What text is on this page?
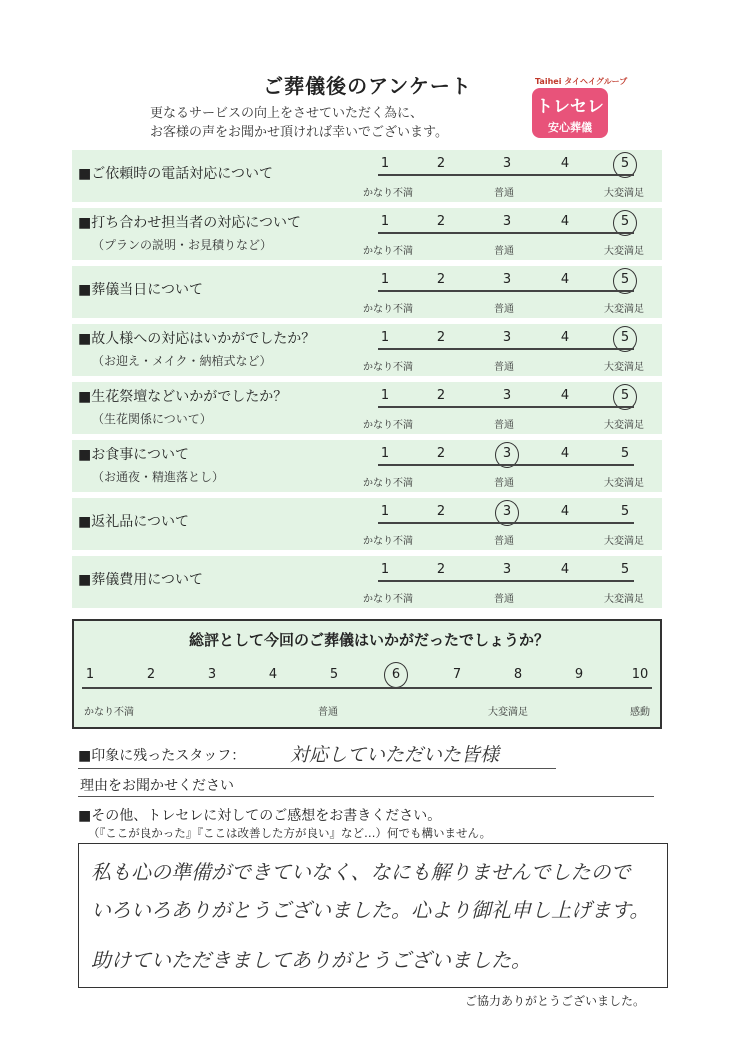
ご葬儀後のアンケート
更なるサービスの向上をさせていただく為に、
お客様の声をお聞かせ頂ければ幸いでございます。
Taihei タイヘイグループ
トレセレ
安心葬儀
総評として今回のご葬儀はいかがだったでしょうか？
1	2	3	4	5	6	7	8	9	10
かなり不満	普通	大変満足	感動
■印象に残ったスタッフ： 対応していただいた皆様
理由をお聞かせください
■その他、トレセレに対してのご感想をお書きください。
（『ここが良かった』『ここは改善した方が良い』など…）何でも構いません。
私も心の準備ができていなく、なにも解りませんでしたので
いろいろありがとうございました。心より御礼申し上げます。
助けていただきましてありがとうございました。
ご協力ありがとうございました。
■ご依頼時の電話対応について
1	2	3	4	5
かなり不満	普通	大変満足
■打ち合わせ担当者の対応について
（プランの説明・お見積りなど）
1	2	3	4	5
かなり不満	普通	大変満足
■葬儀当日について
1	2	3	4	5
かなり不満	普通	大変満足
■故人様への対応はいかがでしたか？
（お迎え・メイク・納棺式など）
1	2	3	4	5
かなり不満	普通	大変満足
■生花祭壇などいかがでしたか？
（生花関係について）
1	2	3	4	5
かなり不満	普通	大変満足
■お食事について
（お通夜・精進落とし）
1	2	3	4	5
かなり不満	普通	大変満足
■返礼品について
1	2	3	4	5
かなり不満	普通	大変満足
■葬儀費用について
1	2	3	4	5
かなり不満	普通	大変満足
